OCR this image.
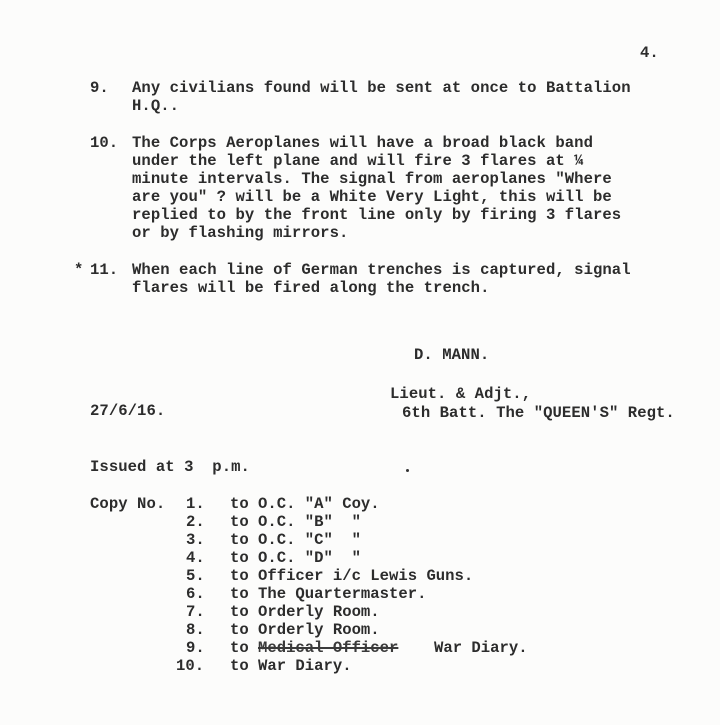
4.
9. Any civilians found will be sent at once to Battalion
H.Q..
10. The Corps Aeroplanes will have a broad black band
under the left plane and will fire 3 flares at ¼
minute intervals. The signal from aeroplanes "Where
are you" ? will be a White Very Light, this will be
replied to by the front line only by firing 3 flares
or by flashing mirrors.
* 11. When each line of German trenches is captured, signal
flares will be fired along the trench.
D. MANN.
Lieut. & Adjt.,
6th Batt. The "QUEEN'S" Regt.
27/6/16.
Issued at 3  p.m.
Copy No. 1. to O.C. "A" Coy.
2. to O.C. "B"  "
3. to O.C. "C"  "
4. to O.C. "D"  "
5. to Officer i/c Lewis Guns.
6. to The Quartermaster.
7. to Orderly Room.
8. to Orderly Room.
9. to Medical Officer War Diary.
10. to War Diary.
